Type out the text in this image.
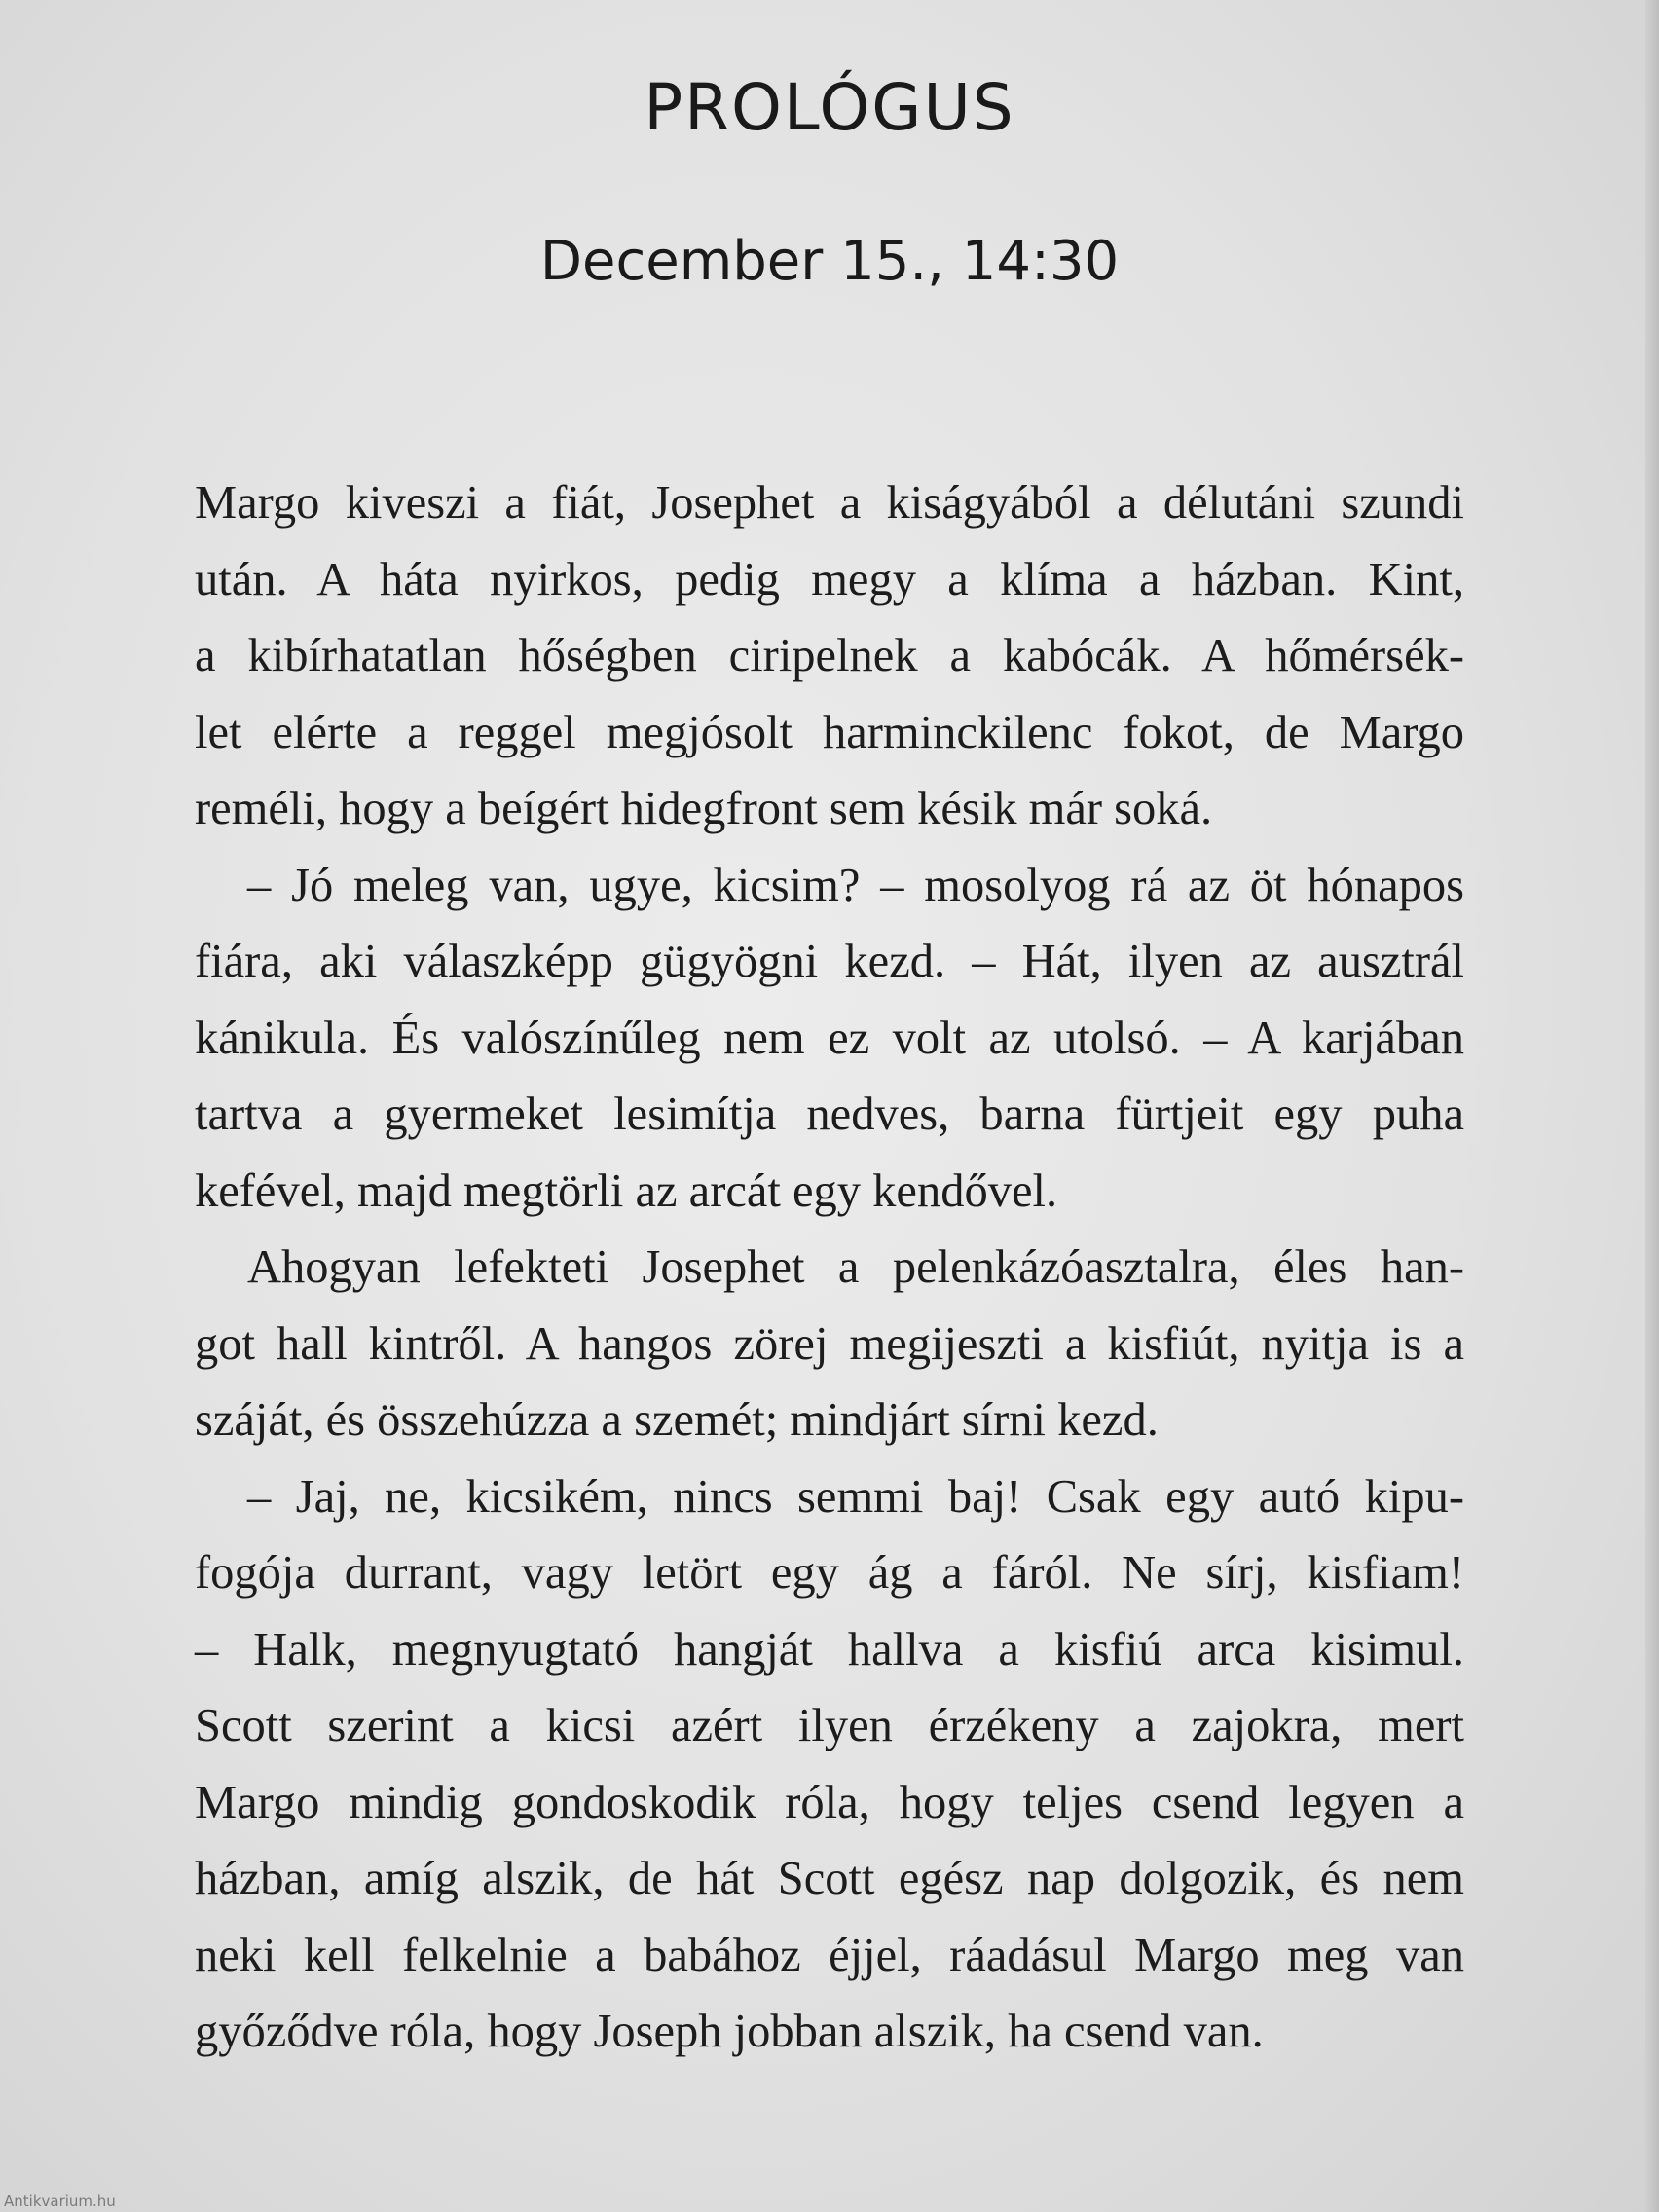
PROLÓGUS
December 15., 14:30
Margo kiveszi a fiát, Josephet a kiságyából a délutáni szundi
után. A háta nyirkos, pedig megy a klíma a házban. Kint,
a kibírhatatlan hőségben ciripelnek a kabócák. A hőmérsék-
let elérte a reggel megjósolt harminckilenc fokot, de Margo
reméli, hogy a beígért hidegfront sem késik már soká.
– Jó meleg van, ugye, kicsim? – mosolyog rá az öt hónapos
fiára, aki válaszképp gügyögni kezd. – Hát, ilyen az ausztrál
kánikula. És valószínűleg nem ez volt az utolsó. – A karjában
tartva a gyermeket lesimítja nedves, barna fürtjeit egy puha
kefével, majd megtörli az arcát egy kendővel.
Ahogyan lefekteti Josephet a pelenkázóasztalra, éles han-
got hall kintről. A hangos zörej megijeszti a kisfiút, nyitja is a
száját, és összehúzza a szemét; mindjárt sírni kezd.
– Jaj, ne, kicsikém, nincs semmi baj! Csak egy autó kipu-
fogója durrant, vagy letört egy ág a fáról. Ne sírj, kisfiam!
– Halk, megnyugtató hangját hallva a kisfiú arca kisimul.
Scott szerint a kicsi azért ilyen érzékeny a zajokra, mert
Margo mindig gondoskodik róla, hogy teljes csend legyen a
házban, amíg alszik, de hát Scott egész nap dolgozik, és nem
neki kell felkelnie a babához éjjel, ráadásul Margo meg van
győződve róla, hogy Joseph jobban alszik, ha csend van.
Antikvarium.hu
